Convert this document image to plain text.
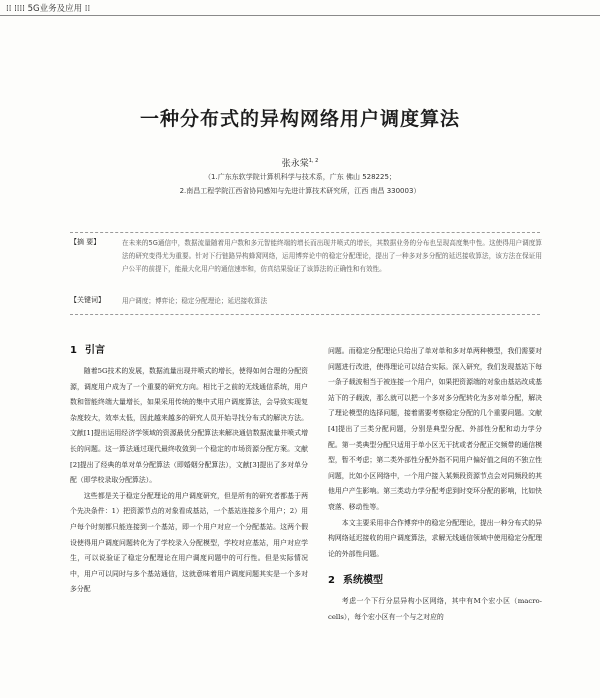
⁞⁞ ⁞⁞⁞⁞ 5G业务及应用 ⁞⁞
一种分布式的异构网络用户调度算法
张永棠$^{1, 2}$
（1.广东东软学院计算机科学与技术系，广东 佛山 528225；
2.南昌工程学院江西省协同感知与先进计算技术研究所，江西 南昌 330003）
【摘 要】	在未来的5G通信中，数据流量随着用户数和多元智能终端的增长而出现井喷式的增长，其数据业务的分布也呈现高度集中性。这使得用户调度算法的研究变得尤为重要。针对下行链路异构蜂窝网络，运用博弈论中的稳定分配理论，提出了一种多对多分配的延迟接收算法，该方法在保证用户公平的前提下，能最大化用户的通信速率和，仿真结果验证了该算法的正确性和有效性。
【关键词】	用户调度；博弈论；稳定分配理论；延迟接收算法
1 引言

随着5G技术的发展，数据流量出现井喷式的增长，使得如何合理的分配资源，调度用户成为了一个重要的研究方向。相比于之前的无线通信系统，用户数和智能终端大量增长，如果采用传统的集中式用户调度算法，会导致实现复杂度较大，效率太低，因此越来越多的研究人员开始寻找分布式的解决方法。文献[1]提出运用经济学领域的资源最优分配算法来解决通信数据流量井喷式增长的问题。这一算法通过现代最终收敛到一个稳定的市场资源分配方案。文献[2]提出了经典的单对单分配算法（即婚姻分配算法），文献[3]提出了多对单分配（即学校录取分配算法）。

这些都是关于稳定分配理论的用户调度研究，但是所有的研究者都基于两个先决条件：1）把资源节点的对象看成基站，一个基站连接多个用户；2）用户每个时刻都只能连接到一个基站，即一个用户对应一个分配基站。这两个假设使得用户调度问题转化为了学校录入分配模型，学校对应基站，用户对应学生，可以说验证了稳定分配理论在用户调度问题中的可行性。但是实际情况中，用户可以同时与多个基站通信，这就意味着用户调度问题其实是一个多对多分配

问题。而稳定分配理论只给出了单对单和多对单两种模型，我们需要对问题进行改进，使得理论可以结合实际。深入研究，我们发现基站下每一条子载波相当于被连接一个用户，如果把资源端的对象由基站改成基站下的子载波，那么就可以把一个多对多分配转化为多对单分配，解决了理论模型的选择问题，接着需要考察稳定分配的几个重要问题。文献[4]提出了三类分配问题，分别是典型分配、外部性分配和动力学分配。第一类典型分配只适用于单小区无干扰或者分配正交频带的通信模型，暂不考虑；第二类外部性分配外指不同用户偏好值之间的不独立性问题，比如小区网络中，一个用户接入某频段资源节点会对同频段的其他用户产生影响。第三类动力学分配考虑到时变环分配的影响，比如快衰落、移动性等。

本文主要采用非合作博弈中的稳定分配理论，提出一种分布式的异构网络延迟接收的用户调度算法，求解无线通信领域中使用稳定分配理论的外部性问题。

2 系统模型

考虑一个下行分层异构小区网络，其中有M个宏小区（macro-cells），每个宏小区有一个与之对应的
